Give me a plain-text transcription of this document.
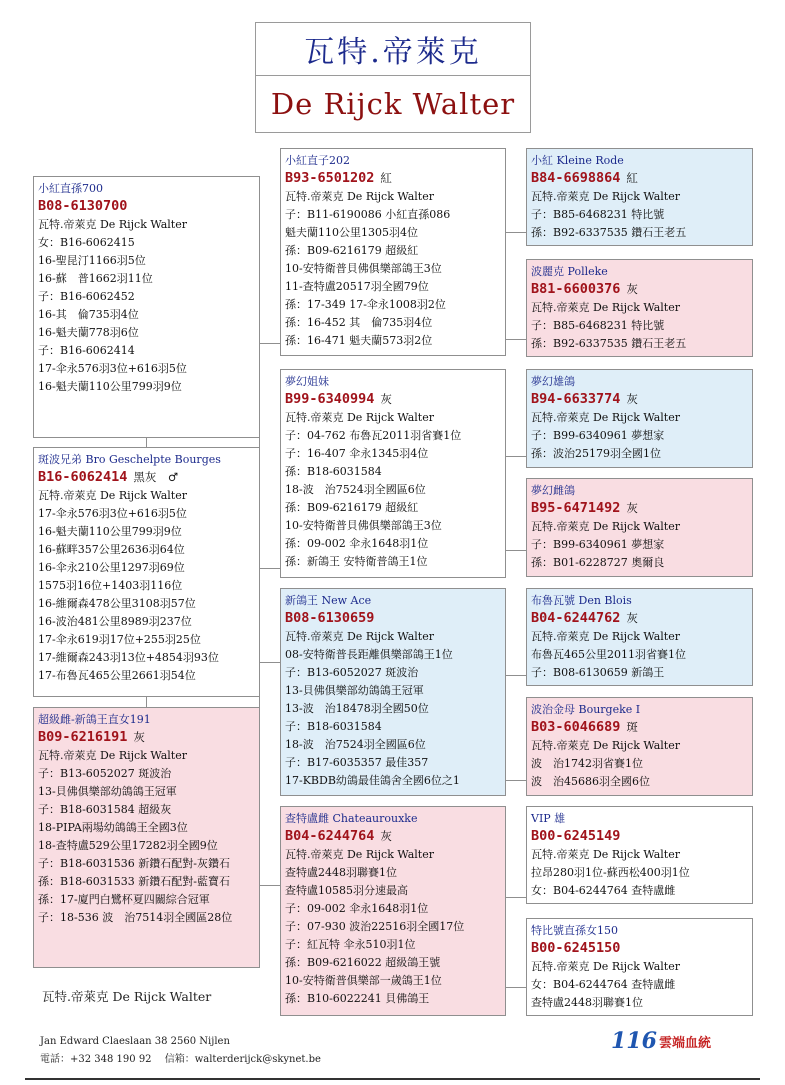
瓦特.帝萊克
De Rijck Walter
小紅直孫700
B08-6130700
瓦特.帝萊克 De Rijck Walter
女：B16-6062415
16-聖昆汀1166羽5位
16-蘇　普1662羽11位
子：B16-6062452
16-其　倫735羽4位
16-魁夫蘭778羽6位
子：B16-6062414
17-伞永576羽3位+616羽5位
16-魁夫蘭110公里799羽9位
斑波兄弟 Bro Geschelpte Bourges
B16-6062414 黑灰　♂
瓦特.帝萊克 De Rijck Walter
17-伞永576羽3位+616羽5位
16-魁夫蘭110公里799羽9位
16-蘇畔357公里2636羽64位
16-伞永210公里1297羽69位
1575羽16位+1403羽116位
16-維爾森478公里3108羽57位
16-波治481公里8989羽237位
17-伞永619羽17位+255羽25位
17-維爾森243羽13位+4854羽93位
17-布魯瓦465公里2661羽54位
超級雌-新鴿王直女191
B09-6216191 灰
瓦特.帝萊克 De Rijck Walter
子：B13-6052027 斑波治
13-貝佛俱樂部幼鴿鴿王冠軍
子：B18-6031584 超級灰
18-PIPA兩場幼鴿鴿王全國3位
18-查特盧529公里17282羽全國9位
子：B18-6031536 新鑽石配對-灰鑽石
孫：B18-6031533 新鑽石配對-藍寶石
孫：17-廈門白鷺杯夏四關綜合冠軍
子：18-536 波　治7514羽全國區28位
小紅直子202
B93-6501202 紅
瓦特.帝萊克 De Rijck Walter
子：B11-6190086 小紅直孫086
魁夫蘭110公里1305羽4位
孫：B09-6216179 超級紅
10-安特衛普貝佛俱樂部鴿王3位
11-查特盧20517羽全國79位
孫：17-349 17-伞永1008羽2位
孫：16-452 其　倫735羽4位
孫：16-471 魁夫蘭573羽2位
夢幻姐妹
B99-6340994 灰
瓦特.帝萊克 De Rijck Walter
子：04-762 布魯瓦2011羽省賽1位
子：16-407 伞永1345羽4位
孫：B18-6031584
18-波　治7524羽全國區6位
孫：B09-6216179 超級紅
10-安特衛普貝佛俱樂部鴿王3位
孫：09-002 伞永1648羽1位
孫：新鴿王 安特衛普鴿王1位
新鴿王 New Ace
B08-6130659
瓦特.帝萊克 De Rijck Walter
08-安特衛普長距離俱樂部鴿王1位
子：B13-6052027 斑波治
13-貝佛俱樂部幼鴿鴿王冠軍
13-波　治18478羽全國50位
子：B18-6031584
18-波　治7524羽全國區6位
子：B17-6035357 最佳357
17-KBDB幼鴿最佳鴿舍全國6位之1
查特盧雌 Chateaurouxke
B04-6244764 灰
瓦特.帝萊克 De Rijck Walter
查特盧2448羽聯賽1位
查特盧10585羽分速最高
子：09-002 伞永1648羽1位
子：07-930 波治22516羽全國17位
子：紅瓦特 伞永510羽1位
孫：B09-6216022 超級鴿王號
10-安特衛普俱樂部一歲鴿王1位
孫：B10-6022241 貝佛鴿王
小紅 Kleine Rode
B84-6698864 紅
瓦特.帝萊克 De Rijck Walter
子：B85-6468231 特比號
孫：B92-6337535 鑽石王老五
波麗克 Polleke
B81-6600376 灰
瓦特.帝萊克 De Rijck Walter
子：B85-6468231 特比號
孫：B92-6337535 鑽石王老五
夢幻雄鴿
B94-6633774 灰
瓦特.帝萊克 De Rijck Walter
子：B99-6340961 夢想家
孫：波治25179羽全國1位
夢幻雌鴿
B95-6471492 灰
瓦特.帝萊克 De Rijck Walter
子：B99-6340961 夢想家
孫：B01-6228727 奧爾良
布魯瓦號 Den Blois
B04-6244762 灰
瓦特.帝萊克 De Rijck Walter
布魯瓦465公里2011羽省賽1位
子：B08-6130659 新鴿王
波治金母 Bourgeke I
B03-6046689 斑
瓦特.帝萊克 De Rijck Walter
波　治1742羽省賽1位
波　治45686羽全國6位
VIP 雄
B00-6245149
瓦特.帝萊克 De Rijck Walter
拉昂280羽1位-蘇西松400羽1位
女：B04-6244764 查特盧雌
特比號直孫女150
B00-6245150
瓦特.帝萊克 De Rijck Walter
女：B04-6244764 查特盧雌
查特盧2448羽聯賽1位
瓦特.帝萊克 De Rijck Walter
Jan Edward Claeslaan 38 2560 Nijlen
電話：+32 348 190 92　 信箱：walterderijck@skynet.be
116 雲端血統
